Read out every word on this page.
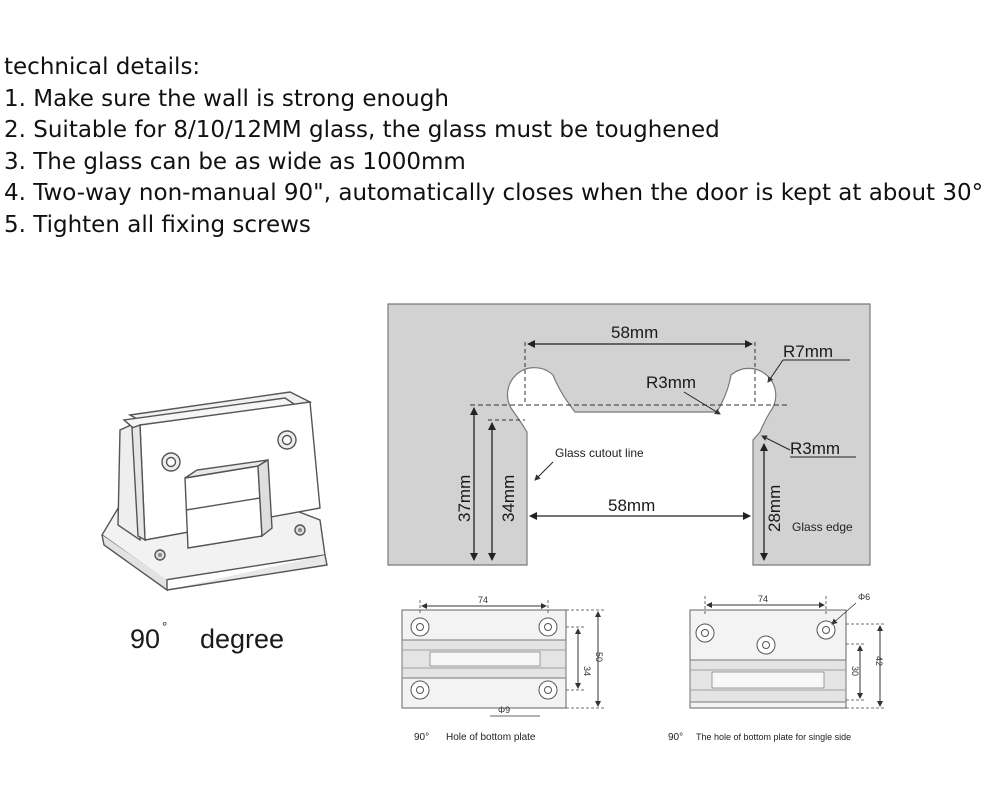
technical details:
1. Make sure the wall is strong enough
2. Suitable for 8/10/12MM glass, the glass must be toughened
3. The glass can be as wide as 1000mm
4. Two-way non-manual 90", automatically closes when the door is kept at about 30°
5. Tighten all fixing screws
90 ° degree
58mm
R7mm
R3mm
R3mm
Glass cutout line
58mm
37mm 34mm	28mm Glass edge
74
34
50
Φ9
90° Hole of bottom plate
74	Φ6
30
42
90° The hole of bottom plate for single side
